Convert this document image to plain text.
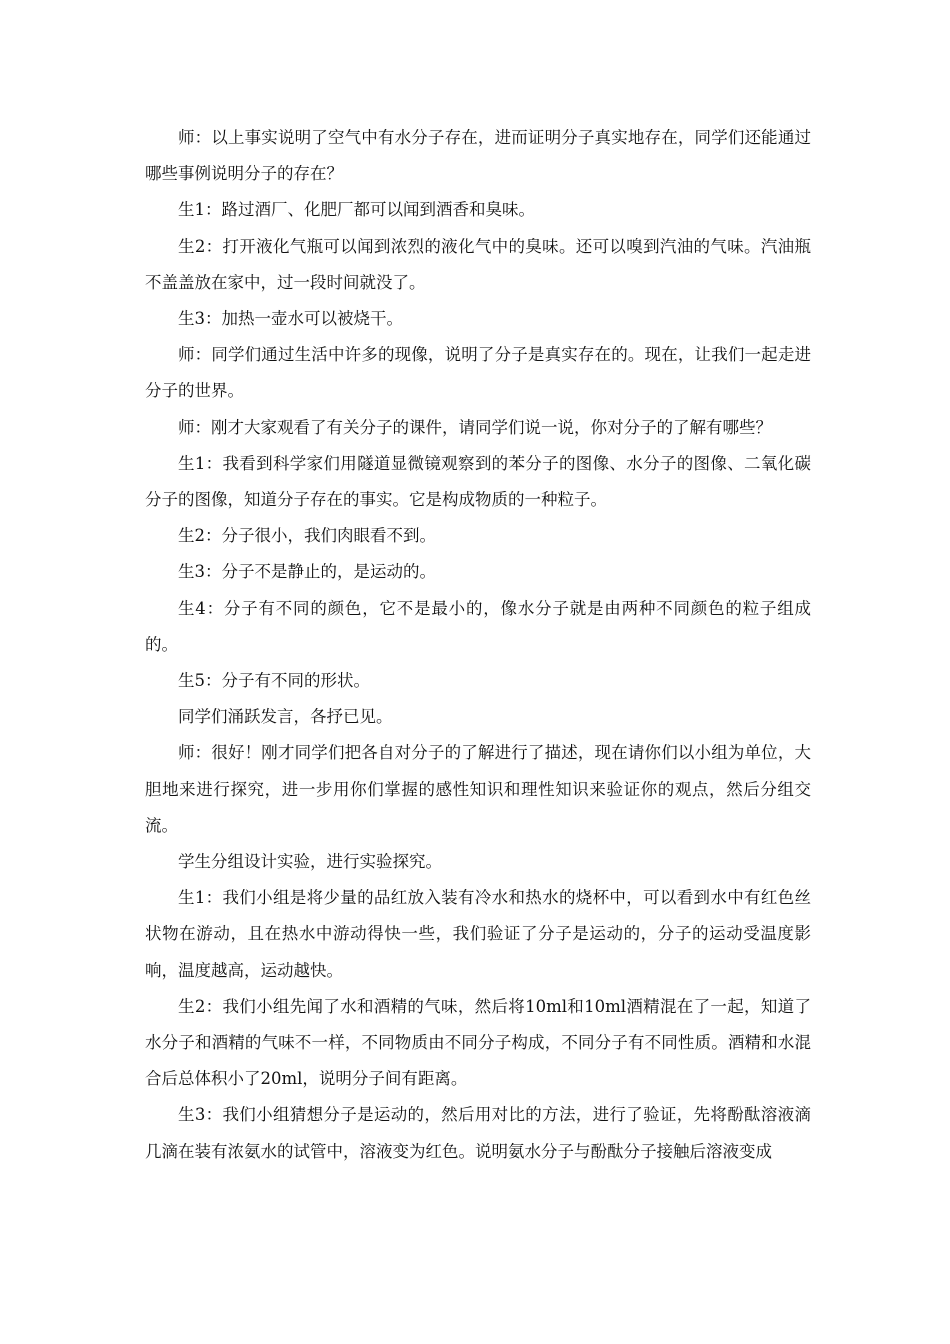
师：以上事实说明了空气中有水分子存在，进而证明分子真实地存在，同学们还能通过哪些事例说明分子的存在？

生1：路过酒厂、化肥厂都可以闻到酒香和臭味。

生2：打开液化气瓶可以闻到浓烈的液化气中的臭味。还可以嗅到汽油的气味。汽油瓶不盖盖放在家中，过一段时间就没了。

生3：加热一壶水可以被烧干。

师：同学们通过生活中许多的现像，说明了分子是真实存在的。现在，让我们一起走进分子的世界。

师：刚才大家观看了有关分子的课件，请同学们说一说，你对分子的了解有哪些？

生1：我看到科学家们用隧道显微镜观察到的苯分子的图像、水分子的图像、二氧化碳分子的图像，知道分子存在的事实。它是构成物质的一种粒子。

生2：分子很小，我们肉眼看不到。

生3：分子不是静止的，是运动的。

生4：分子有不同的颜色，它不是最小的，像水分子就是由两种不同颜色的粒子组成的。

生5：分子有不同的形状。

同学们涌跃发言，各抒已见。

师：很好！刚才同学们把各自对分子的了解进行了描述，现在请你们以小组为单位，大胆地来进行探究，进一步用你们掌握的感性知识和理性知识来验证你的观点，然后分组交流。

学生分组设计实验，进行实验探究。

生1：我们小组是将少量的品红放入装有冷水和热水的烧杯中，可以看到水中有红色丝状物在游动，且在热水中游动得快一些，我们验证了分子是运动的，分子的运动受温度影响，温度越高，运动越快。

生2：我们小组先闻了水和酒精的气味，然后将10ml和10ml酒精混在了一起，知道了水分子和酒精的气味不一样，不同物质由不同分子构成，不同分子有不同性质。酒精和水混合后总体积小了20ml，说明分子间有距离。

生3：我们小组猜想分子是运动的，然后用对比的方法，进行了验证，先将酚酞溶液滴几滴在装有浓氨水的试管中，溶液变为红色。说明氨水分子与酚酞分子接触后溶液变成
